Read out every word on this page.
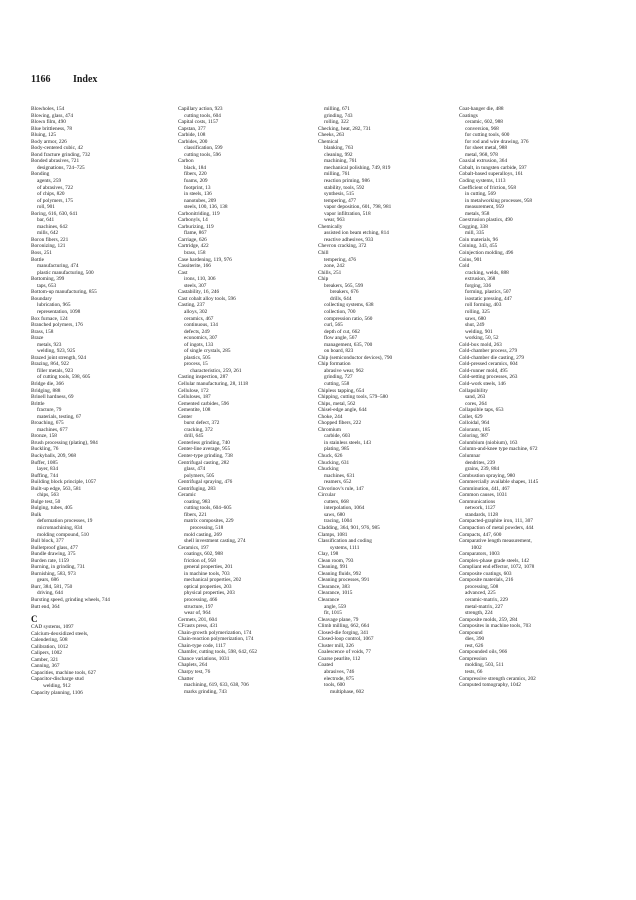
1166 Index
Blowholes, 154
Blowing, glass, 474
Blown film, 490
Blue brittleness, 78
Bluing, 125
Body armor, 226
Body-centered cubic, 42
Bond fracture grinding, 732
Bonded abrasives, 721
designations, 724–725
Bonding
agents, 259
of abrasives, 722
of chips, 820
of polymers, 175
roll, 901
Boring, 616, 630, 641
bar, 641
machines, 642
mills, 642
Boron fibers, 221
Boronizing, 121
Boss, 251
Bottle
manufacturing, 474
plastic manufacturing, 500
Bottoming, 399
taps, 653
Bottom-up manufacturing, 855
Boundary
lubrication, 965
representation, 1098
Box furnace, 124
Branched polymers, 176
Brass, 158
Braze
metals, 923
welding, 923, 925
Brazed joint strength, 924
Brazing, 864, 922
filler metals, 923
of cutting tools, 598, 605
Bridge die, 366
Bridging, 888
Brinell hardness, 69
Brittle
fracture, 79
materials, testing, 67
Broaching, 675
machines, 677
Bronze, 158
Brush processing (plating), 984
Buckling, 76
Buckyballs, 209, 968
Buffer, 1085
layer, 834
Buffing, 744
Building block principle, 1057
Built-up edge, 563, 581
chips, 563
Bulge test, 50
Bulging, tubes, 405
Bulk
deformation processes, 19
micromachining, 834
molding compound, 510
Bull block, 377
Bulletproof glass, 477
Bundle drawing, 375
Burden rate, 1159
Burning, in grinding, 731
Burnishing, 583, 973
gears, 686
Burr, 384, 581, 750
driving, 644
Bursting speed, grinding wheels, 744
Butt end, 364
C
CAD systems, 1097
Calcium-deoxidized steels,
Calendering, 508
Calibration, 1012
Calipers, 1002
Camber, 321
Canning, 367
Capacities, machine tools, 627
Capacitor-discharge stud
welding, 912
Capacity planning, 1106
Capillary action, 923
cutting tools, 604
Capital costs, 1157
Capstan, 377
Carbide, 108
Carbides, 200
classification, 599
cutting tools, 596
Carbon
black, 184
fibers, 220
foams, 209
footprint, 13
in steels, 136
nanotubes, 209
steels, 100, 136, 138
Carbonitriding, 119
Carbonyls, 14
Carburizing, 119
flame, 867
Carriage, 626
Cartridge, 422
brass, 158
Case hardening, 119, 976
Cassiterite, 166
Cast
irons, 110, 306
steels, 307
Castability, 16, 246
Cast cobalt alloy tools, 596
Casting, 237
alloys, 302
ceramics, 467
continuous, 134
defects, 249
economics, 307
of ingots, 133
of single crystals, 285
plastics, 505
process, 15
characteristics, 259, 261
Casting inspection, 287
Cellular manufacturing, 28, 1118
Cellulose, 172
Celluloses, 187
Cemented carbides, 596
Cementite, 108
Center
burst defect, 372
cracking, 372
drill, 645
Centerless grinding, 740
Center-line average, 955
Center-type grinding, 738
Centrifugal casting, 282
glass, 474
polymers, 505
Centrifugal spraying, 476
Centrifuging, 283
Ceramic
coating, 983
cutting tools, 604–605
fibers, 221
matrix composites, 229
processing, 518
mold casting, 269
shell investment casting, 274
Ceramics, 197
coatings, 602, 988
friction of, 958
general properties, 201
in machine tools, 703
mechanical properties, 202
optical properties, 203
physical properties, 203
processing, 466
structure, 197
wear of, 964
Cermets, 201, 604
CFcasts press, 431
Chain-growth polymerization, 174
Chain-reaction polymerization, 174
Chain-type code, 1117
Chamfer, cutting tools, 598, 642, 652
Chance variations, 1031
Chaplets, 264
Charpy test, 76
Chatter
machining, 619, 633, 638, 706
marks grinding, 743
milling, 671
grinding, 743
rolling, 322
Checking, heat, 282, 731
Cheeks, 263
Chemical
blanking, 763
cleaning, 992
machining, 761
mechanical polishing, 749, 819
milling, 761
reaction priming, 986
stability, tools, 592
synthesis, 515
tempering, 477
vapor deposition, 601, 798, 981
vapor infiltration, 518
wear, 963
Chemically
assisted ion beam etching, 814
reactive adhesives, 933
Chevron cracking, 372
Chill
tempering, 476
zone, 242
Chills, 251
Chip
breakers, 565, 599
breakers, 676
drills, 644
collecting systems, 638
collection, 700
compression ratio, 560
curl, 565
depth of cut, 662
flow angle, 567
management, 635, 700
on board, 823
Chip (semiconductor devices), 790
Chip formation
abrasive wear, 962
grinding, 727
cutting, 558
Chipless tapping, 654
Chipping, cutting tools, 579–580
Chips, metal, 562
Chisel-edge angle, 644
Choke, 244
Chopped fibers, 222
Chromium
carbide, 603
in stainless steels, 143
plating, 985
Chuck, 626
Chucking, 631
Chucking
machines, 631
reamers, 652
Chvorinov's rule, 147
Circular
cutters, 668
interpolation, 1064
saws, 680
tracing, 1004
Cladding, 364, 901, 976, 985
Clamps, 1081
Classification and coding
systems, 1111
Clay, 198
Clean room, 793
Cleaning, 991
Cleaning fluids, 992
Cleaning processes, 991
Clearance, 383
Clearance, 1015
Clearance
angle, 559
fit, 1015
Cleavage plane, 79
Climb milling, 662, 664
Closed-die forging, 341
Closed-loop control, 1067
Cluster mill, 326
Coalescence of voids, 77
Coarse pearlite, 112
Coated
abrasives, 746
electrode, 875
tools, 600
multiphase, 602
Coat-hanger die, 488
Coatings
ceramic, 602, 988
conversion, 968
for cutting tools, 600
for rod and wire drawing, 376
for sheet metal, 988
metal, 968, 978
Coaxial extrusion, 364
Cobalt, in tungsten carbide, 597
Cobalt-based superalloys, 161
Coding systems, 1113
Coefficient of friction, 958
in cutting, 569
in metalworking processes, 958
measurement, 959
metals, 958
Coextrusion plastics, 490
Cogging, 338
mill, 335
Coin materials, 96
Coining, 343, 455
Coinjection molding, 496
Coins, 901
Cold
cracking, welds, 888
extrusion, 368
forging, 336
forming, plastics, 507
isostatic pressing, 447
roll forming, 403
rolling, 325
saws, 680
shut, 249
welding, 901
working, 50, 52
Cold-box mold, 263
Cold-chamber process, 279
Cold-chamber die casting, 279
Cold-pressed ceramics, 604
Cold-runner mold, 495
Cold-setting processes, 263
Cold-work steels, 146
Collapsibility
sand, 263
cores, 264
Collapsible taps, 653
Collet, 629
Colloidal, 964
Colorants, 185
Coloring, 987
Columbium (niobium), 163
Column-and-knee type machine, 672
Columnar
dendrites, 239
grains, 239, 884
Combustion spraying, 980
Commercially available shapes, 1145
Comminution, 441, 467
Common causes, 1031
Communications
network, 1127
standards, 1128
Compacted-graphite iron, 111, 307
Compaction of metal powders, 444
Compacts, 447, 600
Comparative length measurement,
1002
Comparators, 1003
Complex-phase grade steels, 142
Compliant end effector, 1072, 1078
Composite coatings, 603
Composite materials, 216
processing, 508
advanced, 225
ceramic-matrix, 229
metal-matrix, 227
strength, 224
Composite molds, 259, 284
Composites in machine tools, 703
Compound
dies, 390
rest, 626
Compounded oils, 966
Compression
molding, 503, 511
tests, 66
Compressive strength ceramics, 202
Computed tomography, 1042
